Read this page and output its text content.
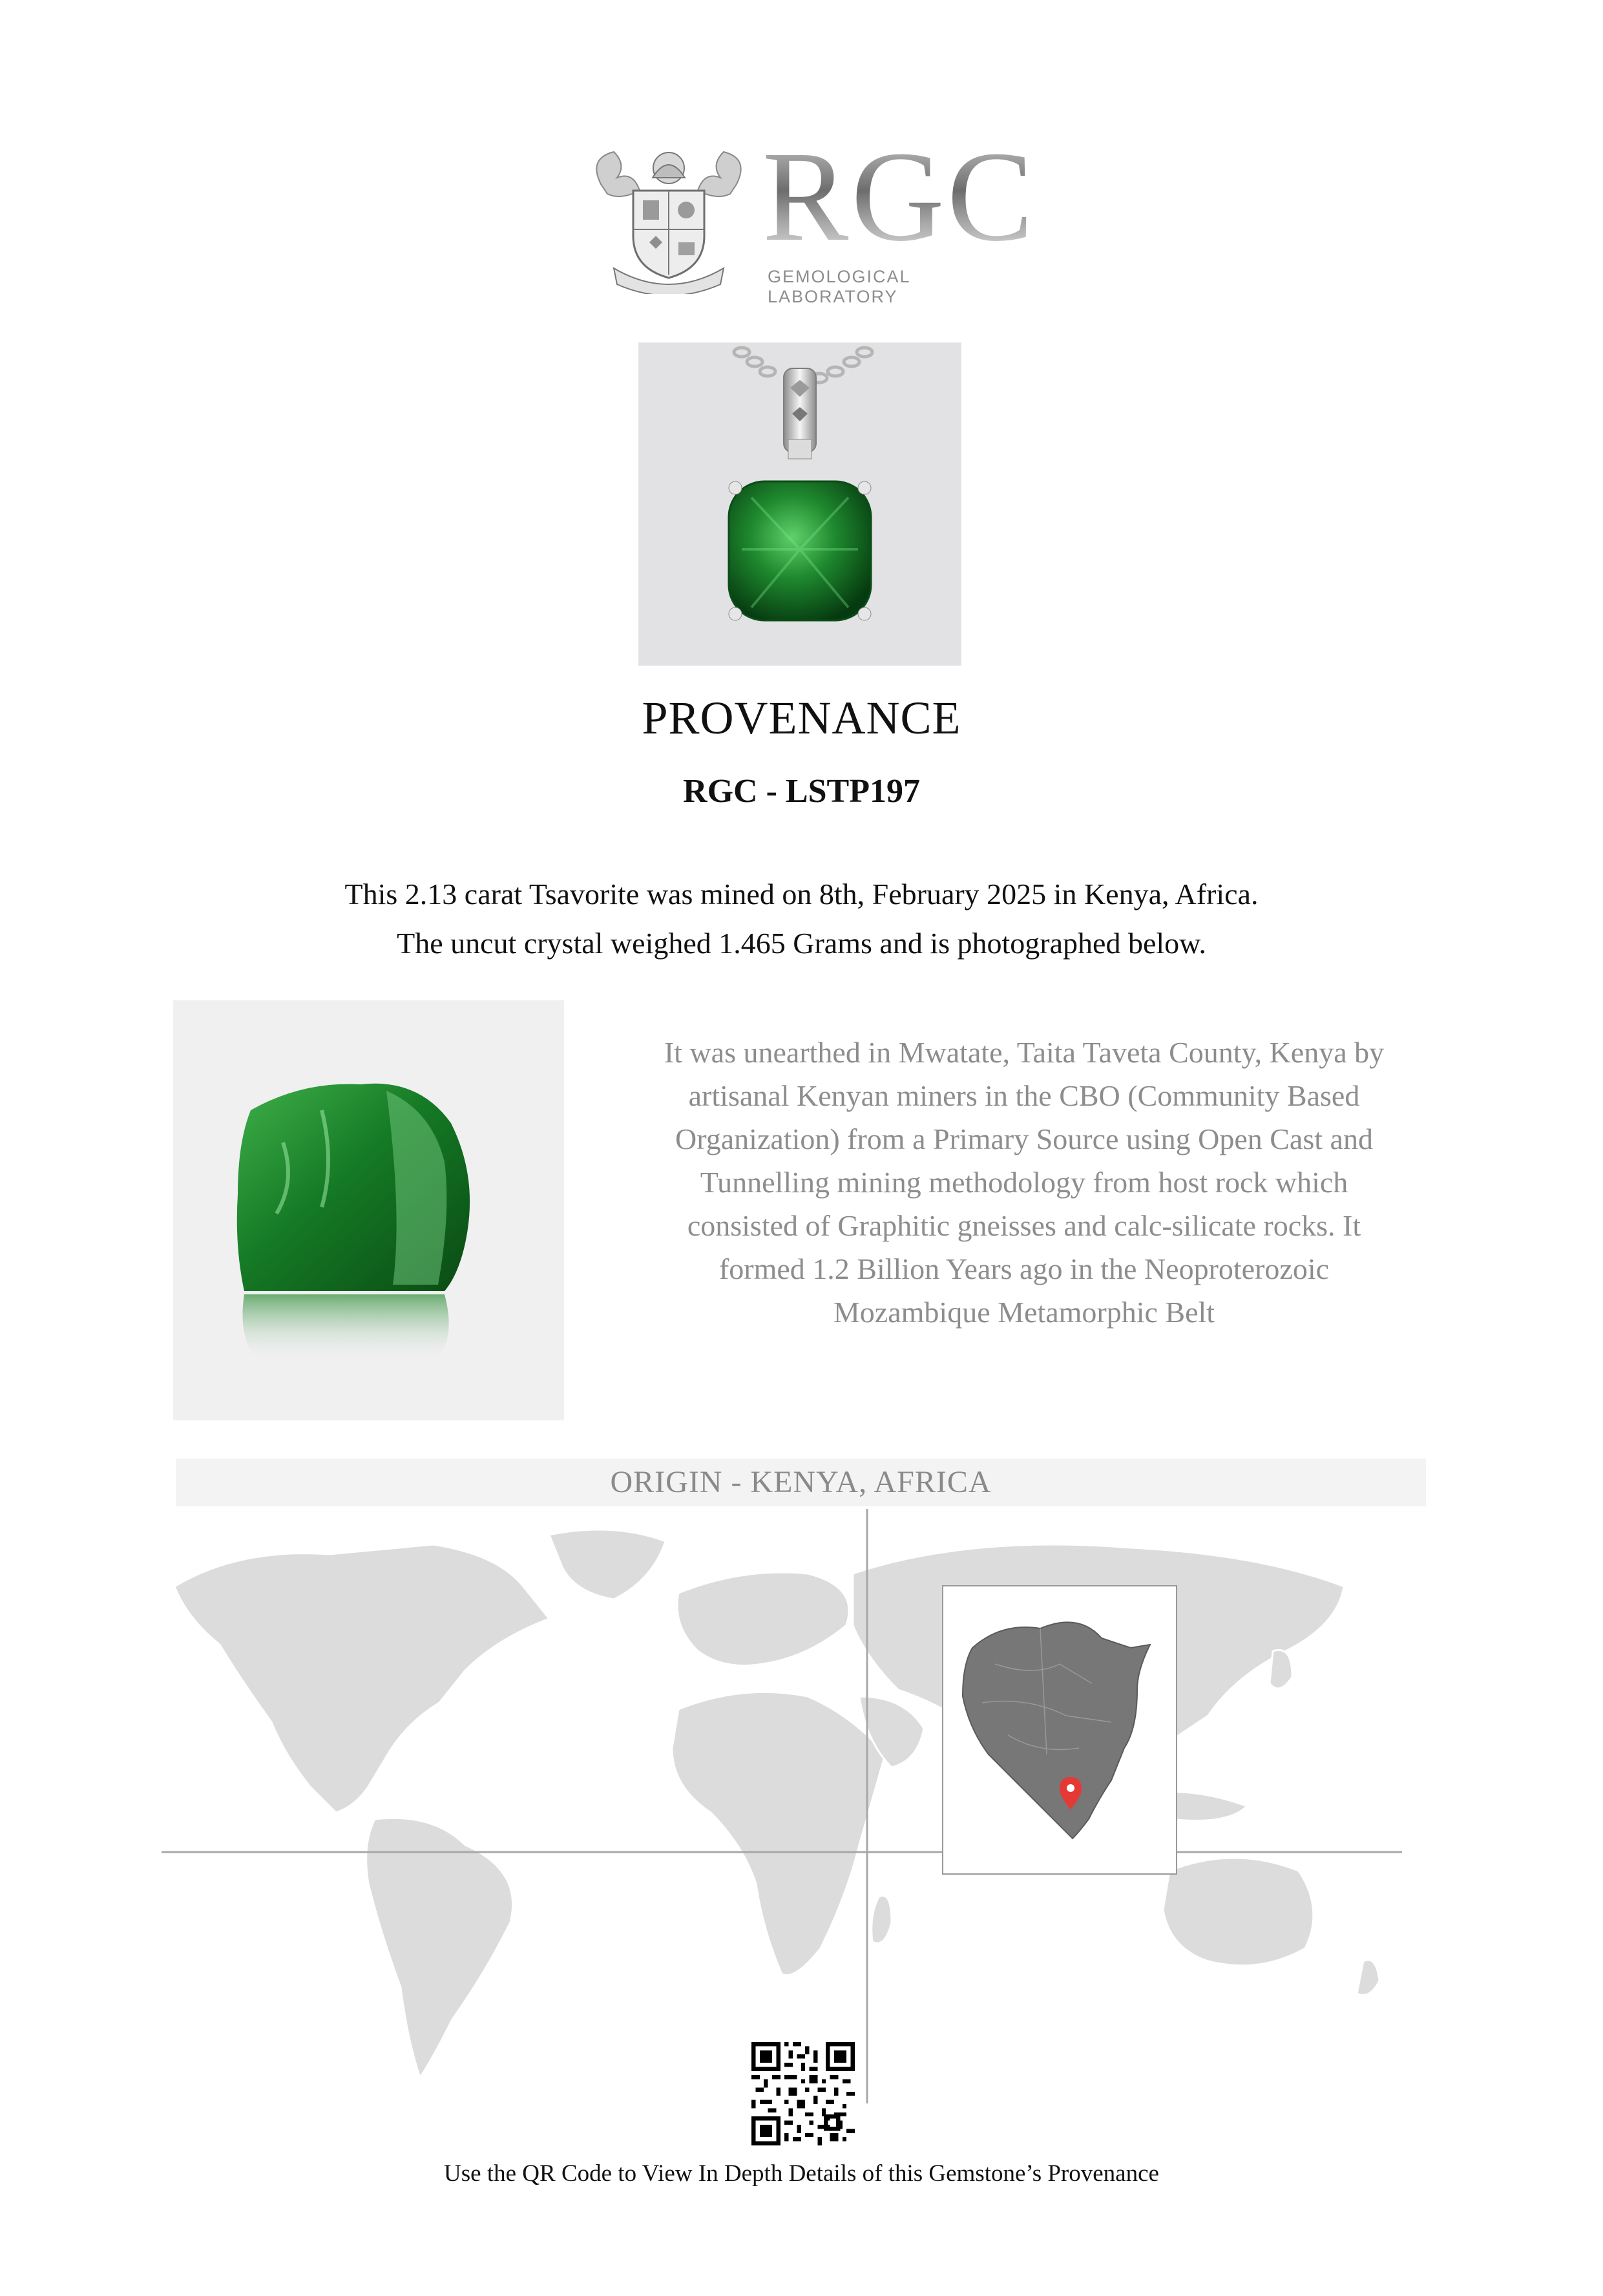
RGC
GEMOLOGICAL LABORATORY
PROVENANCE
RGC - LSTP197
This 2.13 carat Tsavorite was mined on 8th, February 2025 in Kenya, Africa.
The uncut crystal weighed 1.465 Grams and is photographed below.
It was unearthed in Mwatate, Taita Taveta County, Kenya by artisanal Kenyan miners in the CBO (Community Based Organization) from a Primary Source using Open Cast and Tunnelling mining methodology from host rock which consisted of Graphitic gneisses and calc-silicate rocks. It formed 1.2 Billion Years ago in the Neoproterozoic Mozambique Metamorphic Belt
ORIGIN - KENYA, AFRICA
Use the QR Code to View In Depth Details of this Gemstone’s Provenance
